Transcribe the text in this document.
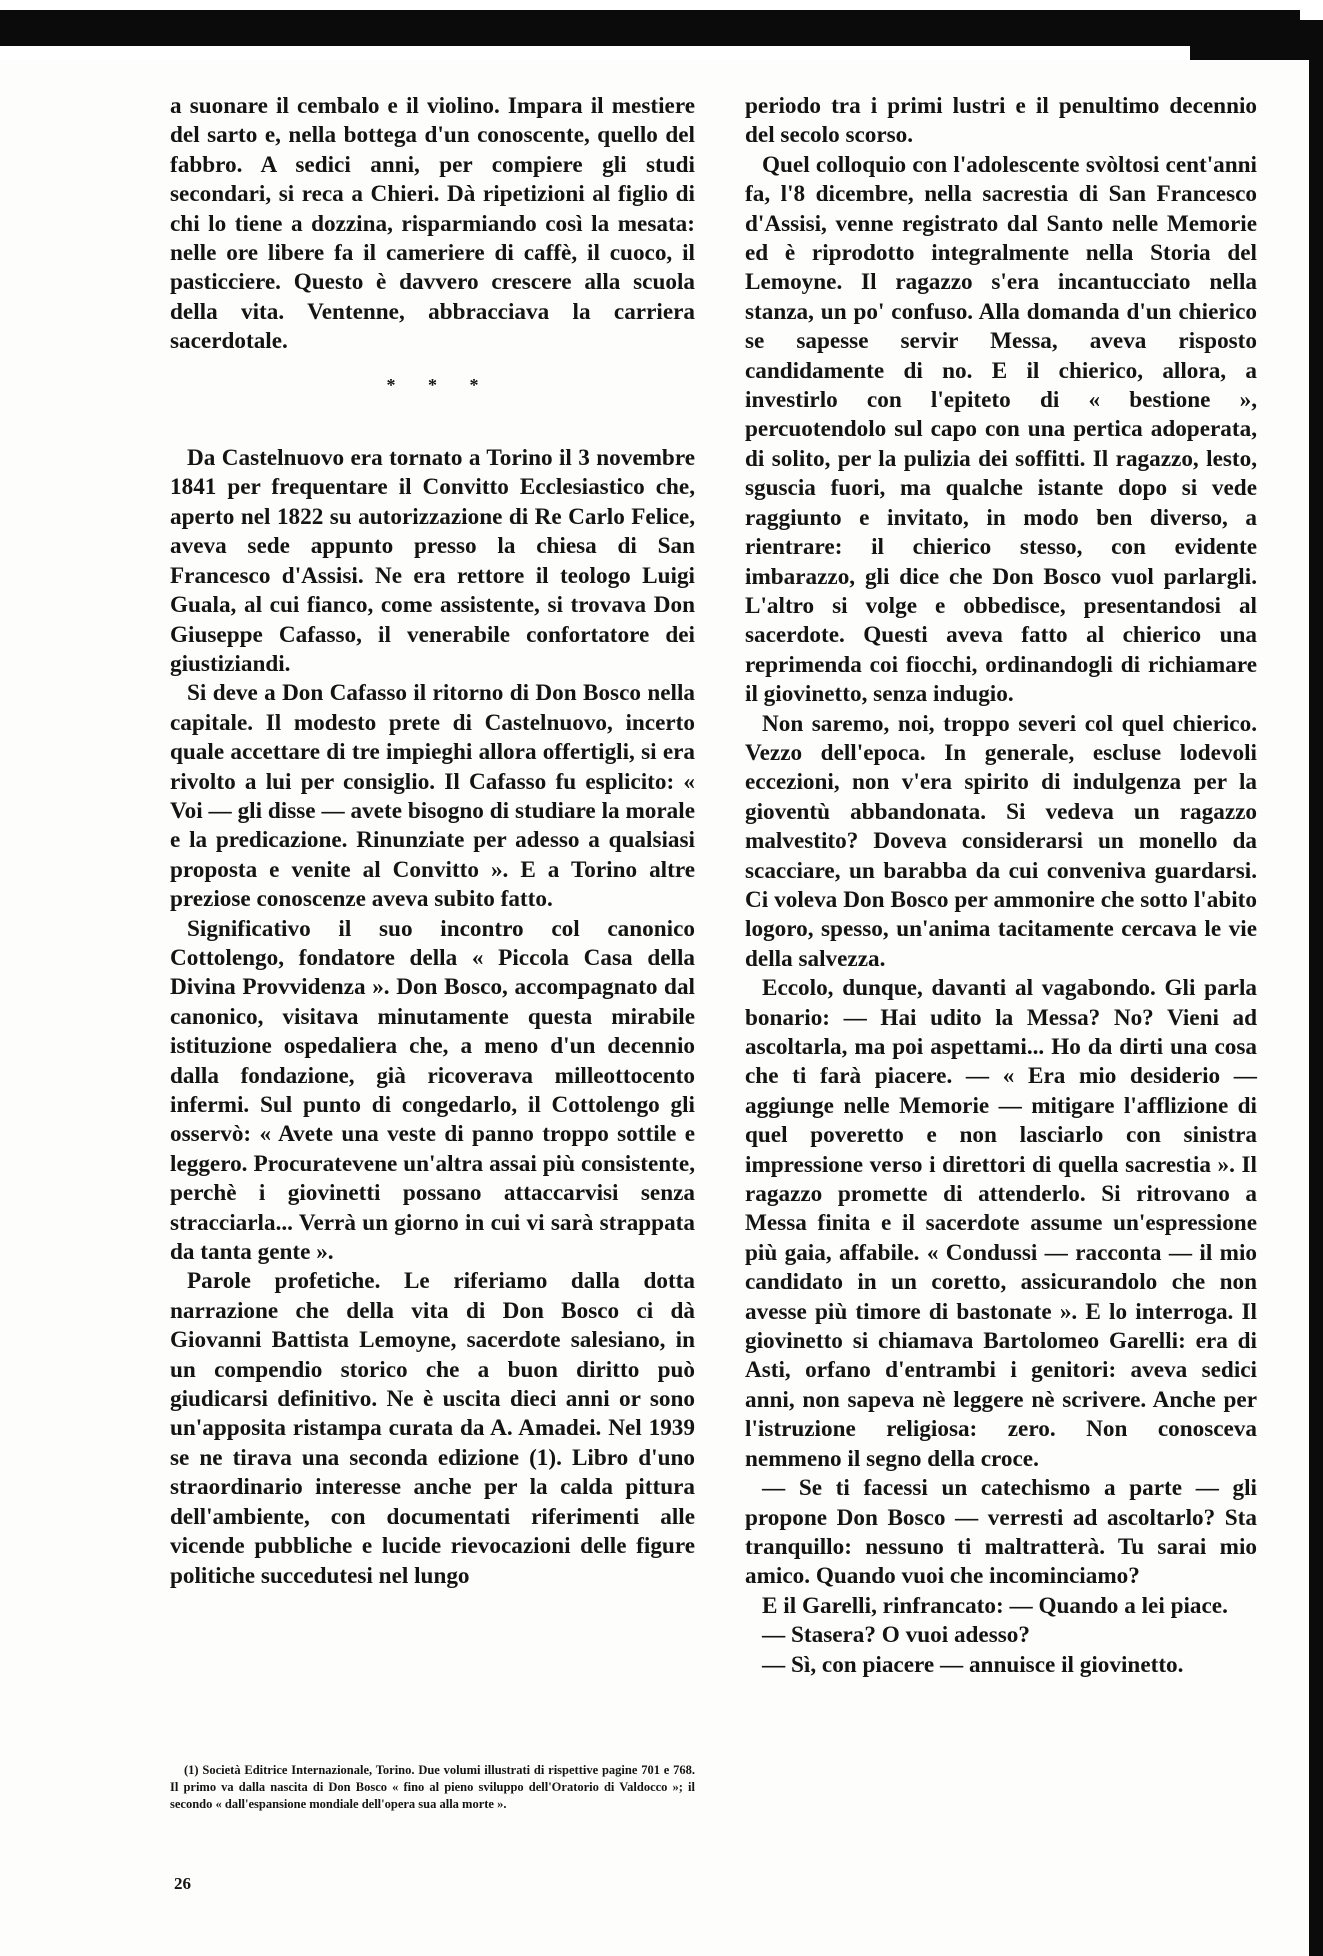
a suonare il cembalo e il violino. Impara il mestiere del sarto e, nella bottega d'un conoscente, quello del fabbro. A sedici anni, per compiere gli studi secondari, si reca a Chieri. Dà ripetizioni al figlio di chi lo tiene a dozzina, risparmiando così la mesata: nelle ore libere fa il cameriere di caffè, il cuoco, il pasticciere. Questo è davvero crescere alla scuola della vita. Ventenne, abbracciava la carriera sacerdotale.

* * *

Da Castelnuovo era tornato a Torino il 3 novembre 1841 per frequentare il Convitto Ecclesiastico che, aperto nel 1822 su autorizzazione di Re Carlo Felice, aveva sede appunto presso la chiesa di San Francesco d'Assisi. Ne era rettore il teologo Luigi Guala, al cui fianco, come assistente, si trovava Don Giuseppe Cafasso, il venerabile confortatore dei giustiziandi.

Si deve a Don Cafasso il ritorno di Don Bosco nella capitale. Il modesto prete di Castelnuovo, incerto quale accettare di tre impieghi allora offertigli, si era rivolto a lui per consiglio. Il Cafasso fu esplicito: « Voi — gli disse — avete bisogno di studiare la morale e la predicazione. Rinunziate per adesso a qualsiasi proposta e venite al Convitto ». E a Torino altre preziose conoscenze aveva subito fatto.

Significativo il suo incontro col canonico Cottolengo, fondatore della « Piccola Casa della Divina Provvidenza ». Don Bosco, accompagnato dal canonico, visitava minutamente questa mirabile istituzione ospedaliera che, a meno d'un decennio dalla fondazione, già ricoverava milleottocento infermi. Sul punto di congedarlo, il Cottolengo gli osservò: « Avete una veste di panno troppo sottile e leggero. Procuratevene un'altra assai più consistente, perchè i giovinetti possano attaccarvisi senza stracciarla... Verrà un giorno in cui vi sarà strappata da tanta gente ».

Parole profetiche. Le riferiamo dalla dotta narrazione che della vita di Don Bosco ci dà Giovanni Battista Lemoyne, sacerdote salesiano, in un compendio storico che a buon diritto può giudicarsi definitivo. Ne è uscita dieci anni or sono un'apposita ristampa curata da A. Amadei. Nel 1939 se ne tirava una seconda edizione (1). Libro d'uno straordinario interesse anche per la calda pittura dell'ambiente, con documentati riferimenti alle vicende pubbliche e lucide rievocazioni delle figure politiche succedutesi nel lungo

periodo tra i primi lustri e il penultimo decennio del secolo scorso.

Quel colloquio con l'adolescente svòltosi cent'anni fa, l'8 dicembre, nella sacrestia di San Francesco d'Assisi, venne registrato dal Santo nelle Memorie ed è riprodotto integralmente nella Storia del Lemoyne. Il ragazzo s'era incantucciato nella stanza, un po' confuso. Alla domanda d'un chierico se sapesse servir Messa, aveva risposto candidamente di no. E il chierico, allora, a investirlo con l'epiteto di « bestione », percuotendolo sul capo con una pertica adoperata, di solito, per la pulizia dei soffitti. Il ragazzo, lesto, sguscia fuori, ma qualche istante dopo si vede raggiunto e invitato, in modo ben diverso, a rientrare: il chierico stesso, con evidente imbarazzo, gli dice che Don Bosco vuol parlargli. L'altro si volge e obbedisce, presentandosi al sacerdote. Questi aveva fatto al chierico una reprimenda coi fiocchi, ordinandogli di richiamare il giovinetto, senza indugio.

Non saremo, noi, troppo severi col quel chierico. Vezzo dell'epoca. In generale, escluse lodevoli eccezioni, non v'era spirito di indulgenza per la gioventù abbandonata. Si vedeva un ragazzo malvestito? Doveva considerarsi un monello da scacciare, un barabba da cui conveniva guardarsi. Ci voleva Don Bosco per ammonire che sotto l'abito logoro, spesso, un'anima tacitamente cercava le vie della salvezza.

Eccolo, dunque, davanti al vagabondo. Gli parla bonario: — Hai udito la Messa? No? Vieni ad ascoltarla, ma poi aspettami... Ho da dirti una cosa che ti farà piacere. — « Era mio desiderio — aggiunge nelle Memorie — mitigare l'afflizione di quel poveretto e non lasciarlo con sinistra impressione verso i direttori di quella sacrestia ». Il ragazzo promette di attenderlo. Si ritrovano a Messa finita e il sacerdote assume un'espressione più gaia, affabile. « Condussi — racconta — il mio candidato in un coretto, assicurandolo che non avesse più timore di bastonate ». E lo interroga. Il giovinetto si chiamava Bartolomeo Garelli: era di Asti, orfano d'entrambi i genitori: aveva sedici anni, non sapeva nè leggere nè scrivere. Anche per l'istruzione religiosa: zero. Non conosceva nemmeno il segno della croce.

— Se ti facessi un catechismo a parte — gli propone Don Bosco — verresti ad ascoltarlo? Sta tranquillo: nessuno ti maltratterà. Tu sarai mio amico. Quando vuoi che incominciamo?

E il Garelli, rinfrancato: — Quando a lei piace.

— Stasera? O vuoi adesso?

— Sì, con piacere — annuisce il giovinetto.

(1) Società Editrice Internazionale, Torino. Due volumi illustrati di rispettive pagine 701 e 768. Il primo va dalla nascita di Don Bosco « fino al pieno sviluppo dell'Oratorio di Valdocco »; il secondo « dall'espansione mondiale dell'opera sua alla morte ».

26
